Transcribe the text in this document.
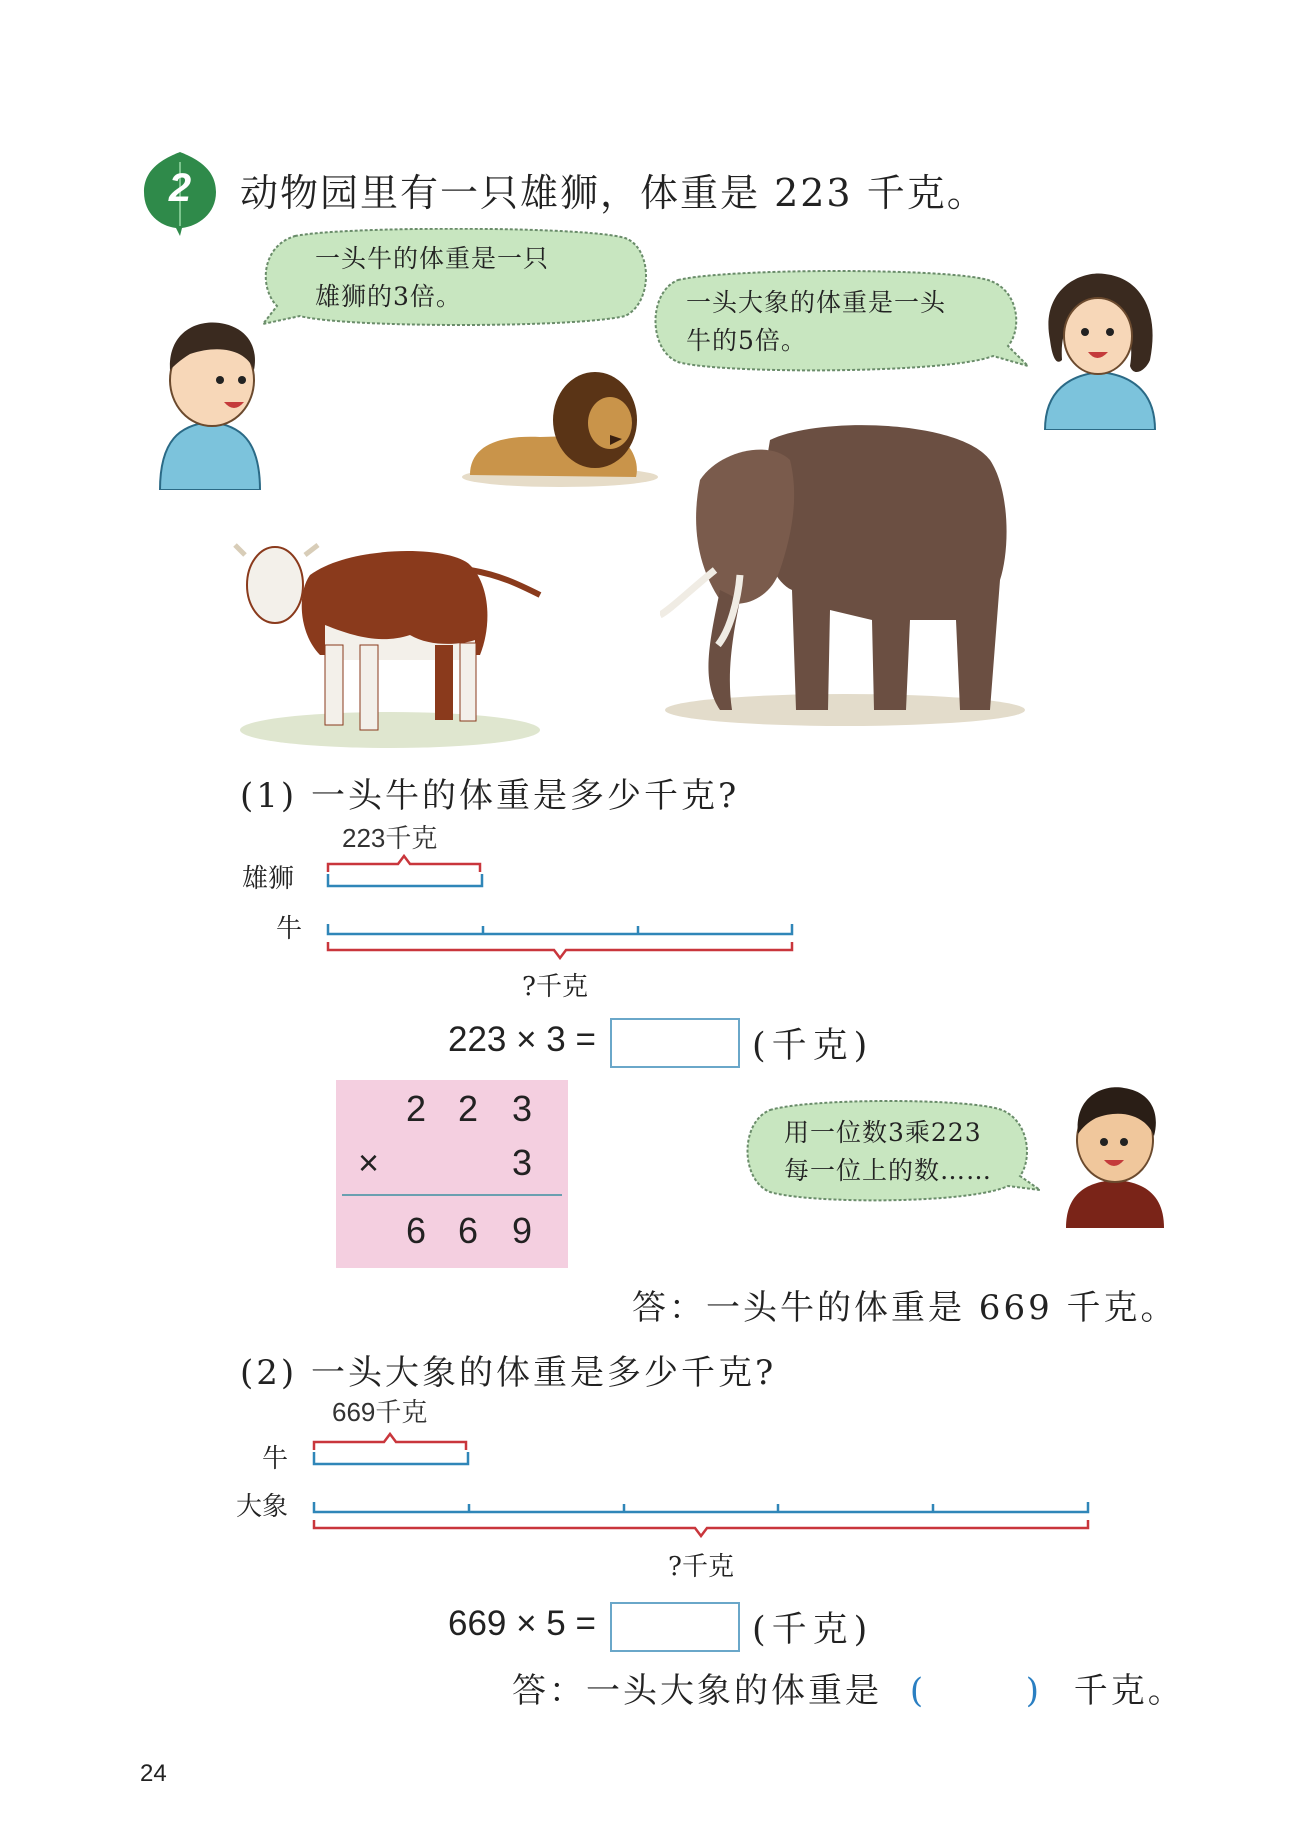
2	动物园里有一只雄狮，体重是 223 千克。
一头牛的体重是一只
雄狮的3倍。	一头大象的体重是一头
牛的5倍。
(1) 一头牛的体重是多少千克?
223千克
雄狮
牛
?千克
223 × 3 =	(千克)
2 2 3
×	3
6 6 9
用一位数3乘223
每一位上的数……
答：一头牛的体重是 669 千克。
(2) 一头大象的体重是多少千克?
669千克
牛
大象
?千克
669 × 5 =	(千克)
答：一头大象的体重是 (	) 千克。
24
